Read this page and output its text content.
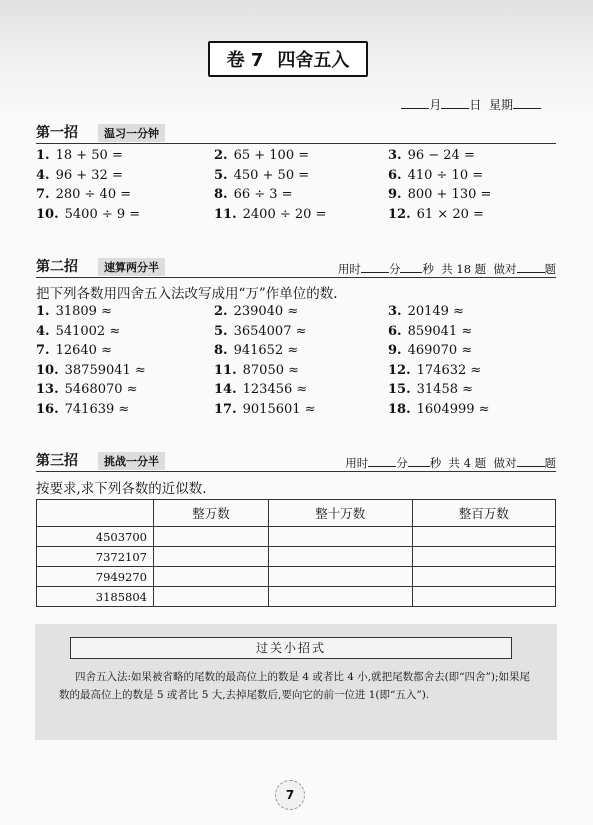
卷 7 四舍五入
月 日 星期
第一招	温习一分钟
1. 18 + 50 =	2. 65 + 100 =	3. 96 − 24 =
4. 96 + 32 =	5. 450 + 50 =	6. 410 ÷ 10 =
7. 280 ÷ 40 =	8. 66 ÷ 3 =	9. 800 + 130 =
10. 5400 ÷ 9 =	11. 2400 ÷ 20 =	12. 61 × 20 =
第二招	速算两分半	用时 分 秒 共 18 题 做对 题
把下列各数用四舍五入法改写成用“万”作单位的数.
1. 31809 ≈	2. 239040 ≈	3. 20149 ≈
4. 541002 ≈	5. 3654007 ≈	6. 859041 ≈
7. 12640 ≈	8. 941652 ≈	9. 469070 ≈
10. 38759041 ≈	11. 87050 ≈	12. 174632 ≈
13. 5468070 ≈	14. 123456 ≈	15. 31458 ≈
16. 741639 ≈	17. 9015601 ≈	18. 1604999 ≈
第三招	挑战一分半	用时 分 秒 共 4 题 做对 题
按要求,求下列各数的近似数.
	整万数	整十万数	整百万数
4503700			
7372107			
7949270			
3185804			
过关小招式
四舍五入法:如果被省略的尾数的最高位上的数是 4 或者比 4 小,就把尾数都舍去(即“四舍”);如果尾数的最高位上的数是 5 或者比 5 大,去掉尾数后,要向它的前一位进 1(即“五入”).
7
